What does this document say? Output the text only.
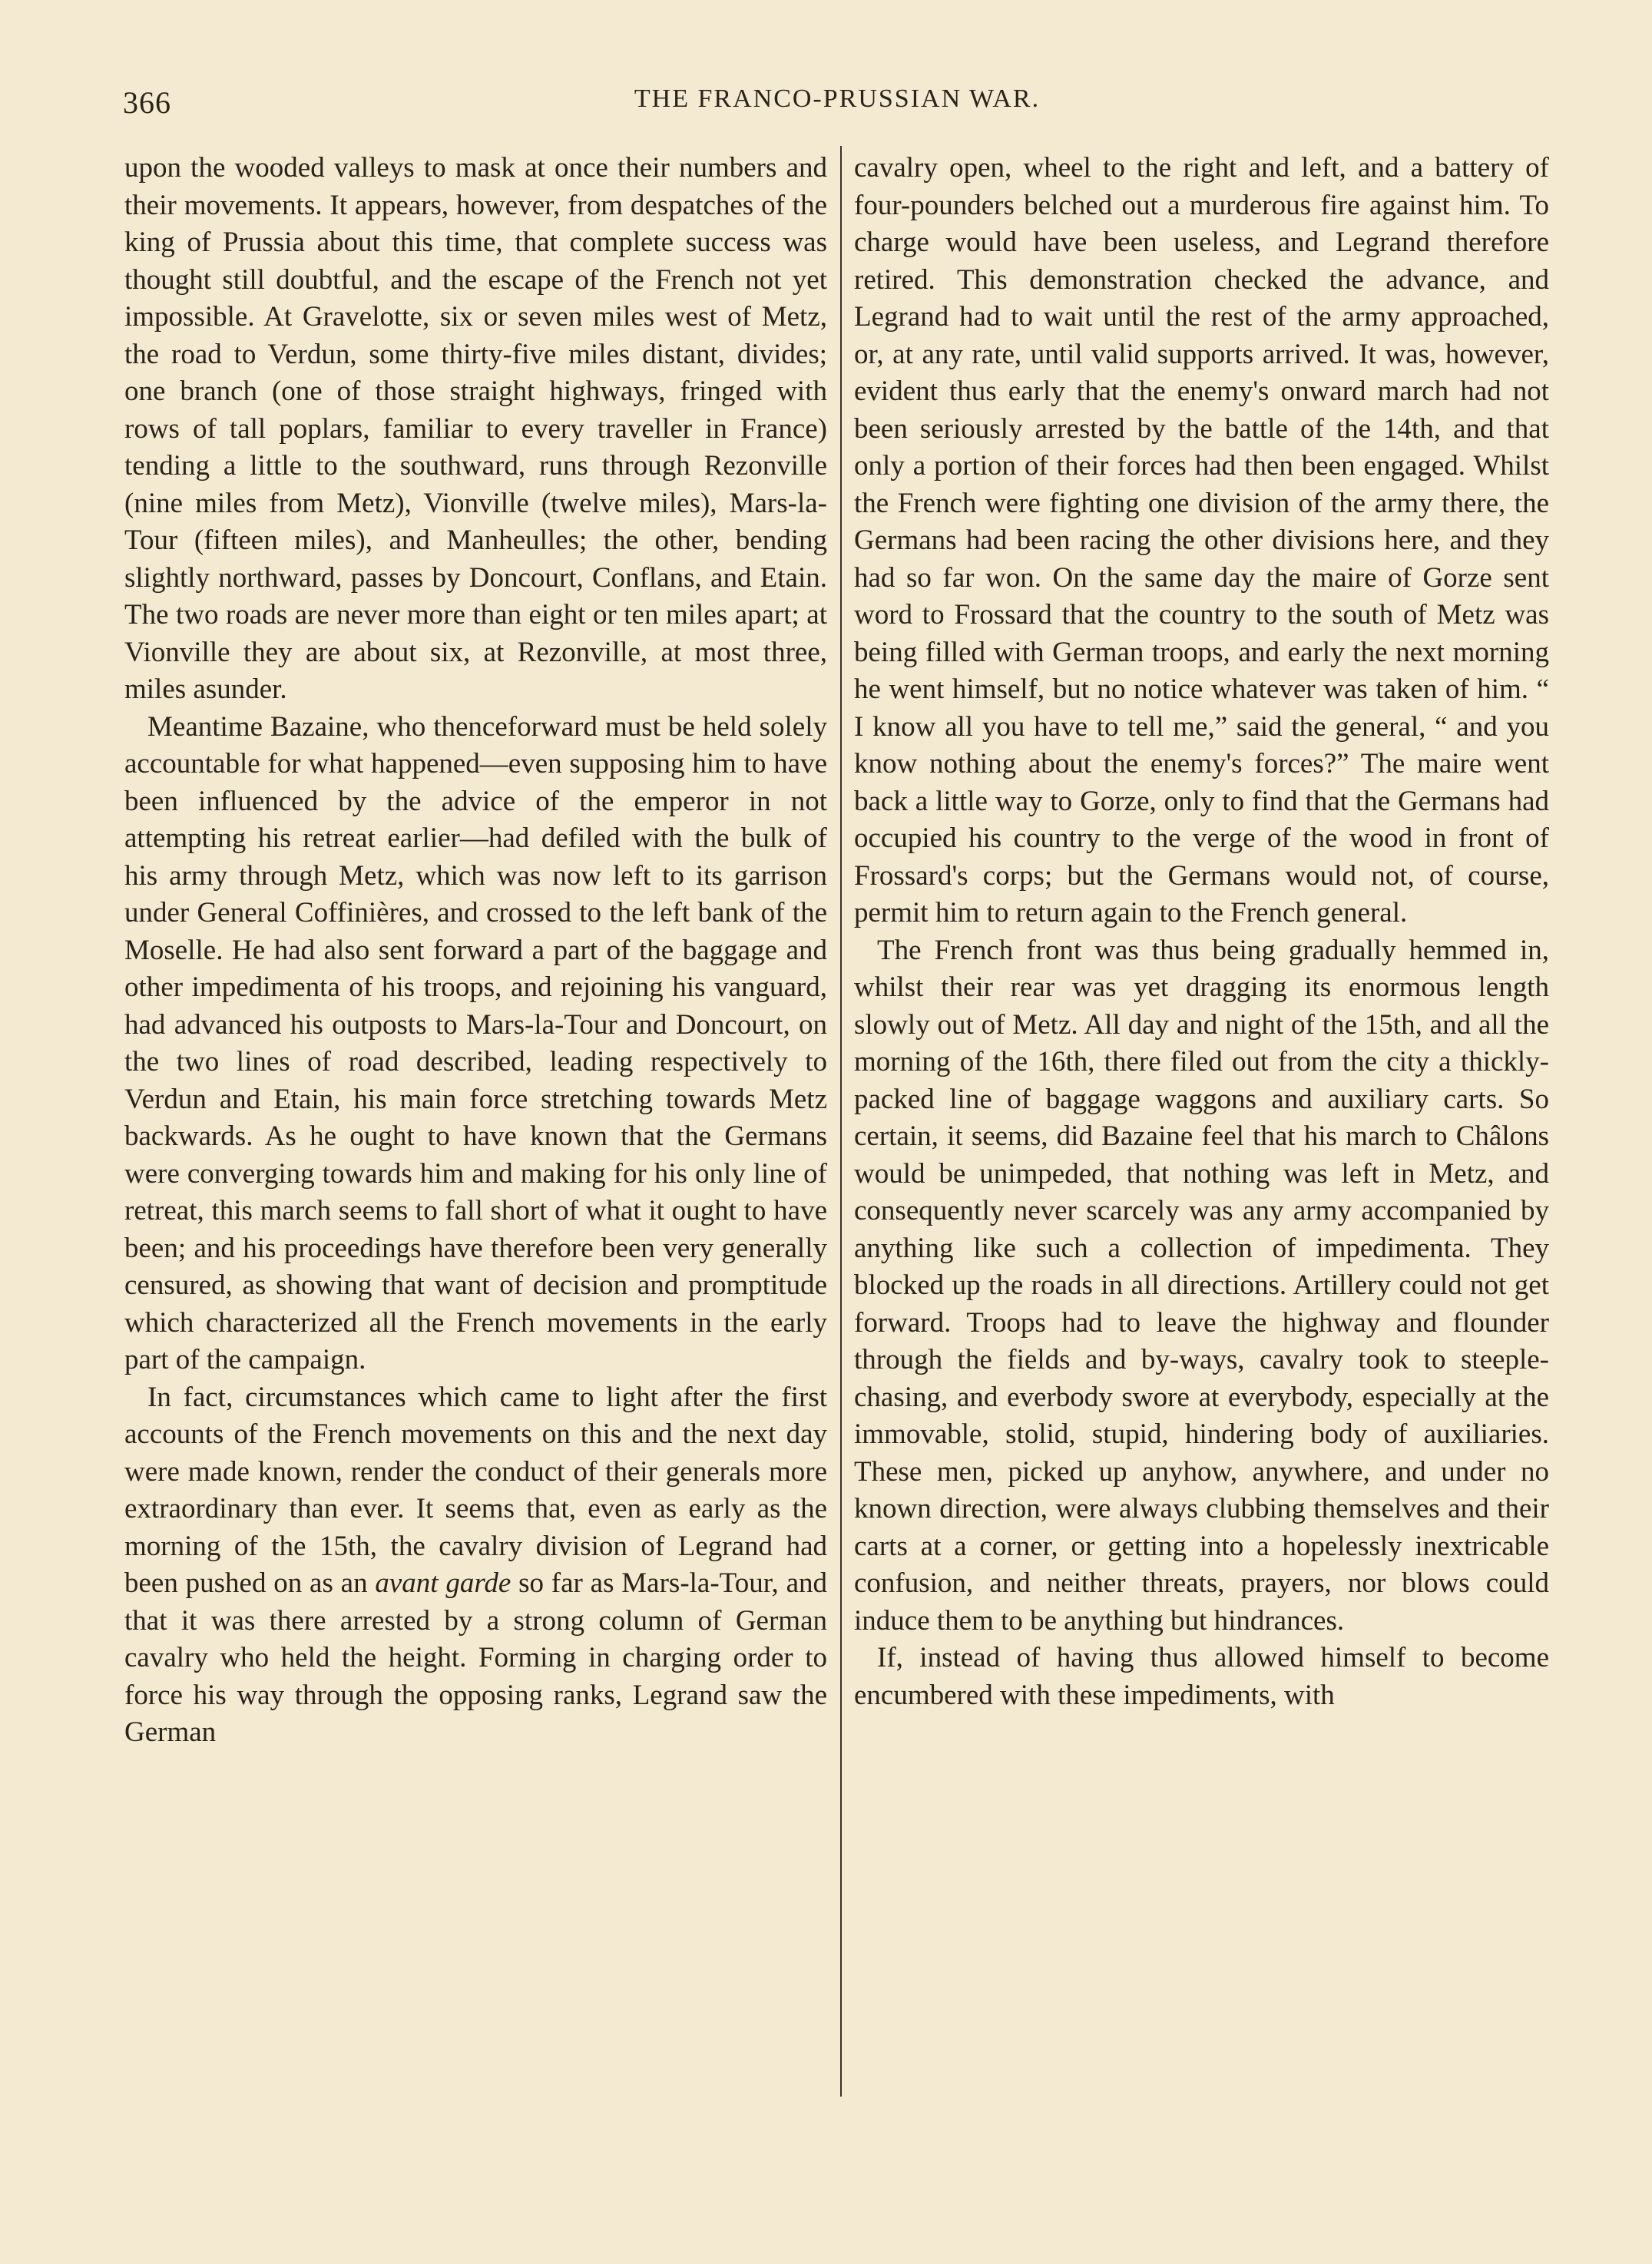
366	THE FRANCO-PRUSSIAN WAR.

upon the wooded valleys to mask at once their numbers and their movements. It appears, however, from despatches of the king of Prussia about this time, that complete success was thought still doubtful, and the escape of the French not yet impossible. At Gravelotte, six or seven miles west of Metz, the road to Verdun, some thirty-five miles distant, divides; one branch (one of those straight highways, fringed with rows of tall poplars, familiar to every traveller in France) tending a little to the southward, runs through Rezonville (nine miles from Metz), Vionville (twelve miles), Mars-la-Tour (fifteen miles), and Manheulles; the other, bending slightly northward, passes by Doncourt, Conflans, and Etain. The two roads are never more than eight or ten miles apart; at Vionville they are about six, at Rezonville, at most three, miles asunder.

Meantime Bazaine, who thenceforward must be held solely accountable for what happened—even supposing him to have been influenced by the advice of the emperor in not attempting his retreat earlier—had defiled with the bulk of his army through Metz, which was now left to its garrison under General Coffinières, and crossed to the left bank of the Moselle. He had also sent forward a part of the baggage and other impedimenta of his troops, and rejoining his vanguard, had advanced his outposts to Mars-la-Tour and Doncourt, on the two lines of road described, leading respectively to Verdun and Etain, his main force stretching towards Metz backwards. As he ought to have known that the Germans were converging towards him and making for his only line of retreat, this march seems to fall short of what it ought to have been; and his proceedings have therefore been very generally censured, as showing that want of decision and promptitude which characterized all the French movements in the early part of the campaign.

In fact, circumstances which came to light after the first accounts of the French movements on this and the next day were made known, render the conduct of their generals more extraordinary than ever. It seems that, even as early as the morning of the 15th, the cavalry division of Legrand had been pushed on as an avant garde so far as Mars-la-Tour, and that it was there arrested by a strong column of German cavalry who held the height. Forming in charging order to force his way through the opposing ranks, Legrand saw the German

cavalry open, wheel to the right and left, and a battery of four-pounders belched out a murderous fire against him. To charge would have been useless, and Legrand therefore retired. This demonstration checked the advance, and Legrand had to wait until the rest of the army approached, or, at any rate, until valid supports arrived. It was, however, evident thus early that the enemy's onward march had not been seriously arrested by the battle of the 14th, and that only a portion of their forces had then been engaged. Whilst the French were fighting one division of the army there, the Germans had been racing the other divisions here, and they had so far won. On the same day the maire of Gorze sent word to Frossard that the country to the south of Metz was being filled with German troops, and early the next morning he went himself, but no notice whatever was taken of him. “ I know all you have to tell me,” said the general, “ and you know nothing about the enemy's forces?” The maire went back a little way to Gorze, only to find that the Germans had occupied his country to the verge of the wood in front of Frossard's corps; but the Germans would not, of course, permit him to return again to the French general.

The French front was thus being gradually hemmed in, whilst their rear was yet dragging its enormous length slowly out of Metz. All day and night of the 15th, and all the morning of the 16th, there filed out from the city a thickly-packed line of baggage waggons and auxiliary carts. So certain, it seems, did Bazaine feel that his march to Châlons would be unimpeded, that nothing was left in Metz, and consequently never scarcely was any army accompanied by anything like such a collection of impedimenta. They blocked up the roads in all directions. Artillery could not get forward. Troops had to leave the highway and flounder through the fields and by-ways, cavalry took to steeple-chasing, and everbody swore at everybody, especially at the immovable, stolid, stupid, hindering body of auxiliaries. These men, picked up anyhow, anywhere, and under no known direction, were always clubbing themselves and their carts at a corner, or getting into a hopelessly inextricable confusion, and neither threats, prayers, nor blows could induce them to be anything but hindrances.

If, instead of having thus allowed himself to become encumbered with these impediments, with
